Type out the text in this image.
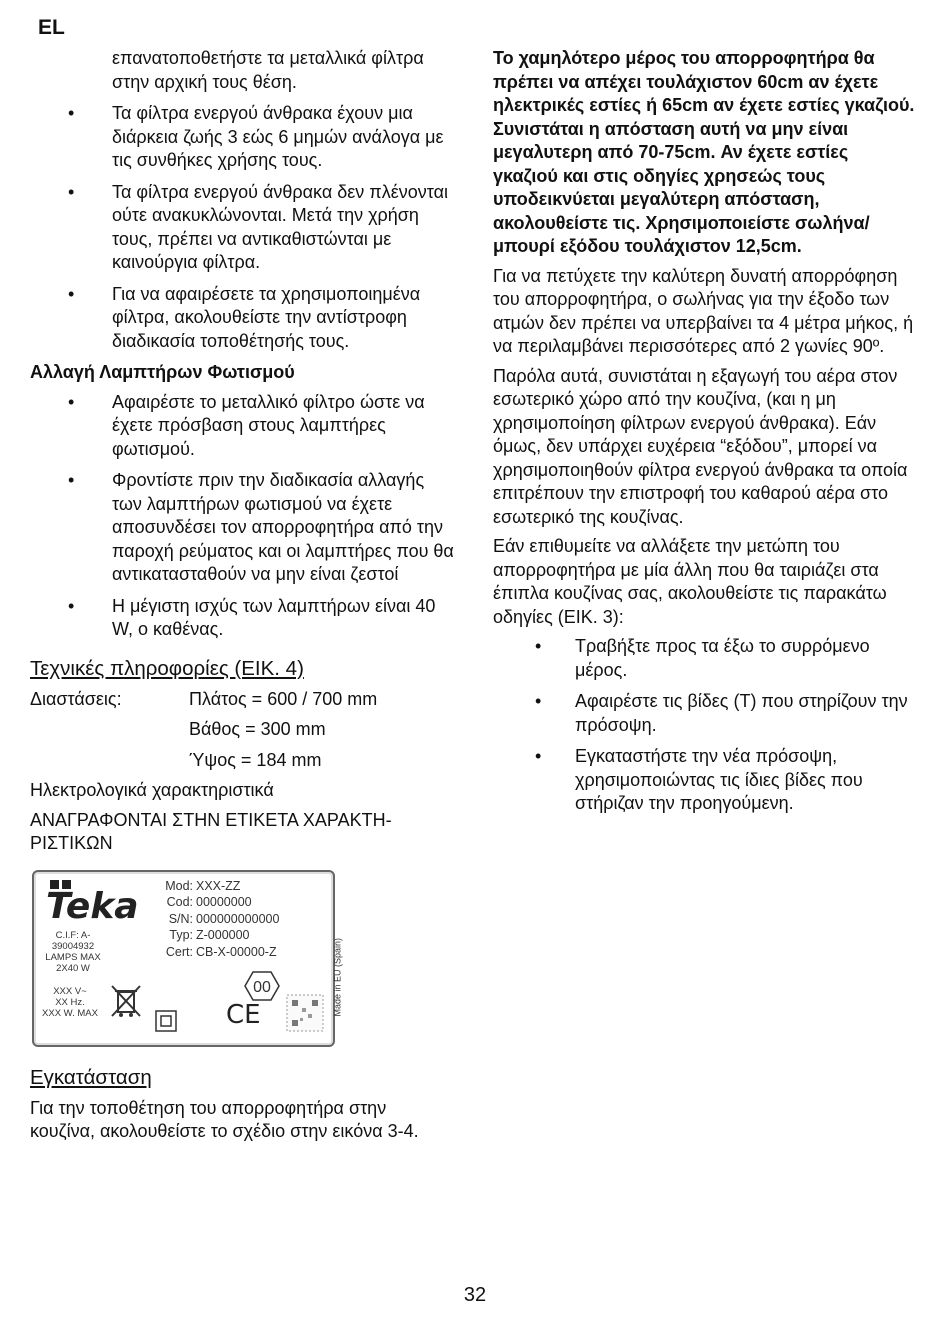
EL

επανατοποθετήστε τα μεταλλικά φίλτρα στην αρχική τους θέση.

• Τα φίλτρα ενεργού άνθρακα έχουν μια διάρκεια ζωής 3 εώς 6 μημών ανάλογα με τις συνθήκες χρήσης τους.
• Τα φίλτρα ενεργού άνθρακα δεν πλένονται ούτε ανακυκλώνονται. Μετά την χρήση τους, πρέπει να αντικαθιστώνται με καινούργια φίλτρα.
• Για να αφαιρέσετε τα χρησιμοποιημένα φίλτρα, ακολουθείστε την αντίστροφη διαδικασία τοποθέτησής τους.

Αλλαγή Λαμπτήρων Φωτισμού

• Αφαιρέστε το μεταλλικό φίλτρο ώστε να έχετε πρόσβαση στους λαμπτήρες φωτισμού.
• Φροντίστε πριν την διαδικασία αλλαγής των λαμπτήρων φωτισμού να έχετε αποσυνδέσει τον απορροφητήρα από την παροχή ρεύματος και οι λαμπτήρες που θα αντικατασταθούν να μην είναι ζεστοί
• Η μέγιστη ισχύς των λαμπτήρων είναι 40 W, ο καθένας.

Τεχνικές πληροφορίες (ΕΙΚ. 4)

Διαστάσεις:	Πλάτος = 600 / 700 mm
Βάθος = 300 mm
Ύψος = 184 mm

Ηλεκτρολογικά χαρακτηριστικά

ΑΝΑΓΡΑΦΟΝΤΑΙ ΣΤΗΝ ΕΤΙΚΕΤΑ ΧΑΡΑΚΤΗ-ΡΙΣΤΙΚΩΝ

Teka
C.I.F: A-39004932
LAMPS MAX
2X40 W
XXX V~
XX Hz.
XXX W. MAX
Mod: XXX-ZZ
Cod: 00000000
S/N: 000000000000
Typ: Z-000000
Cert: CB-X-00000-Z	Made in EU (Spain)
00
CE

Εγκατάσταση

Για την τοποθέτηση του απορροφητήρα στην κουζίνα, ακολουθείστε το σχέδιο στην εικόνα 3-4.

Το χαμηλότερο μέρος του απορροφητήρα θα πρέπει να απέχει τουλάχιστον 60cm αν έχετε ηλεκτρικές εστίες ή 65cm αν έχετε εστίες γκαζιού. Συνιστάται η απόσταση αυτή να μην είναι μεγαλυτερη από 70-75cm. Αν έχετε εστίες γκαζιού και στις οδηγίες χρησεώς τους υποδεικνύεται μεγαλύτερη απόσταση, ακολουθείστε τις. Χρησιμοποιείστε σωλήνα/μπουρί εξόδου τουλάχιστον 12,5cm.

Για να πετύχετε την καλύτερη δυνατή απορρόφηση του απορροφητήρα, ο σωλήνας για την έξοδο των ατμών δεν πρέπει να υπερβαίνει τα 4 μέτρα μήκος, ή να περιλαμβάνει περισσότερες από 2 γωνίες 90º.

Παρόλα αυτά, συνιστάται η εξαγωγή του αέρα στον εσωτερικό χώρο από την κουζίνα, (και η μη χρησιμοποίηση φίλτρων ενεργού άνθρακα). Εάν όμως, δεν υπάρχει ευχέρεια “εξόδου”, μπορεί να χρησιμοποιηθούν φίλτρα ενεργού άνθρακα τα οποία επιτρέπουν την επιστροφή του καθαρού αέρα στο εσωτερικό της κουζίνας.

Εάν επιθυμείτε να αλλάξετε την μετώπη του απορροφητήρα με μία άλλη που θα ταιριάζει στα έπιπλα κουζίνας σας, ακολουθείστε τις παρακάτω οδηγίες (ΕΙΚ. 3):

• Τραβήξτε προς τα έξω το συρρόμενο μέρος.
• Αφαιρέστε τις βίδες (T) που στηρίζουν την πρόσοψη.
• Εγκαταστήστε την νέα πρόσοψη, χρησιμοποιώντας τις ίδιες βίδες που στήριζαν την προηγούμενη.
32
